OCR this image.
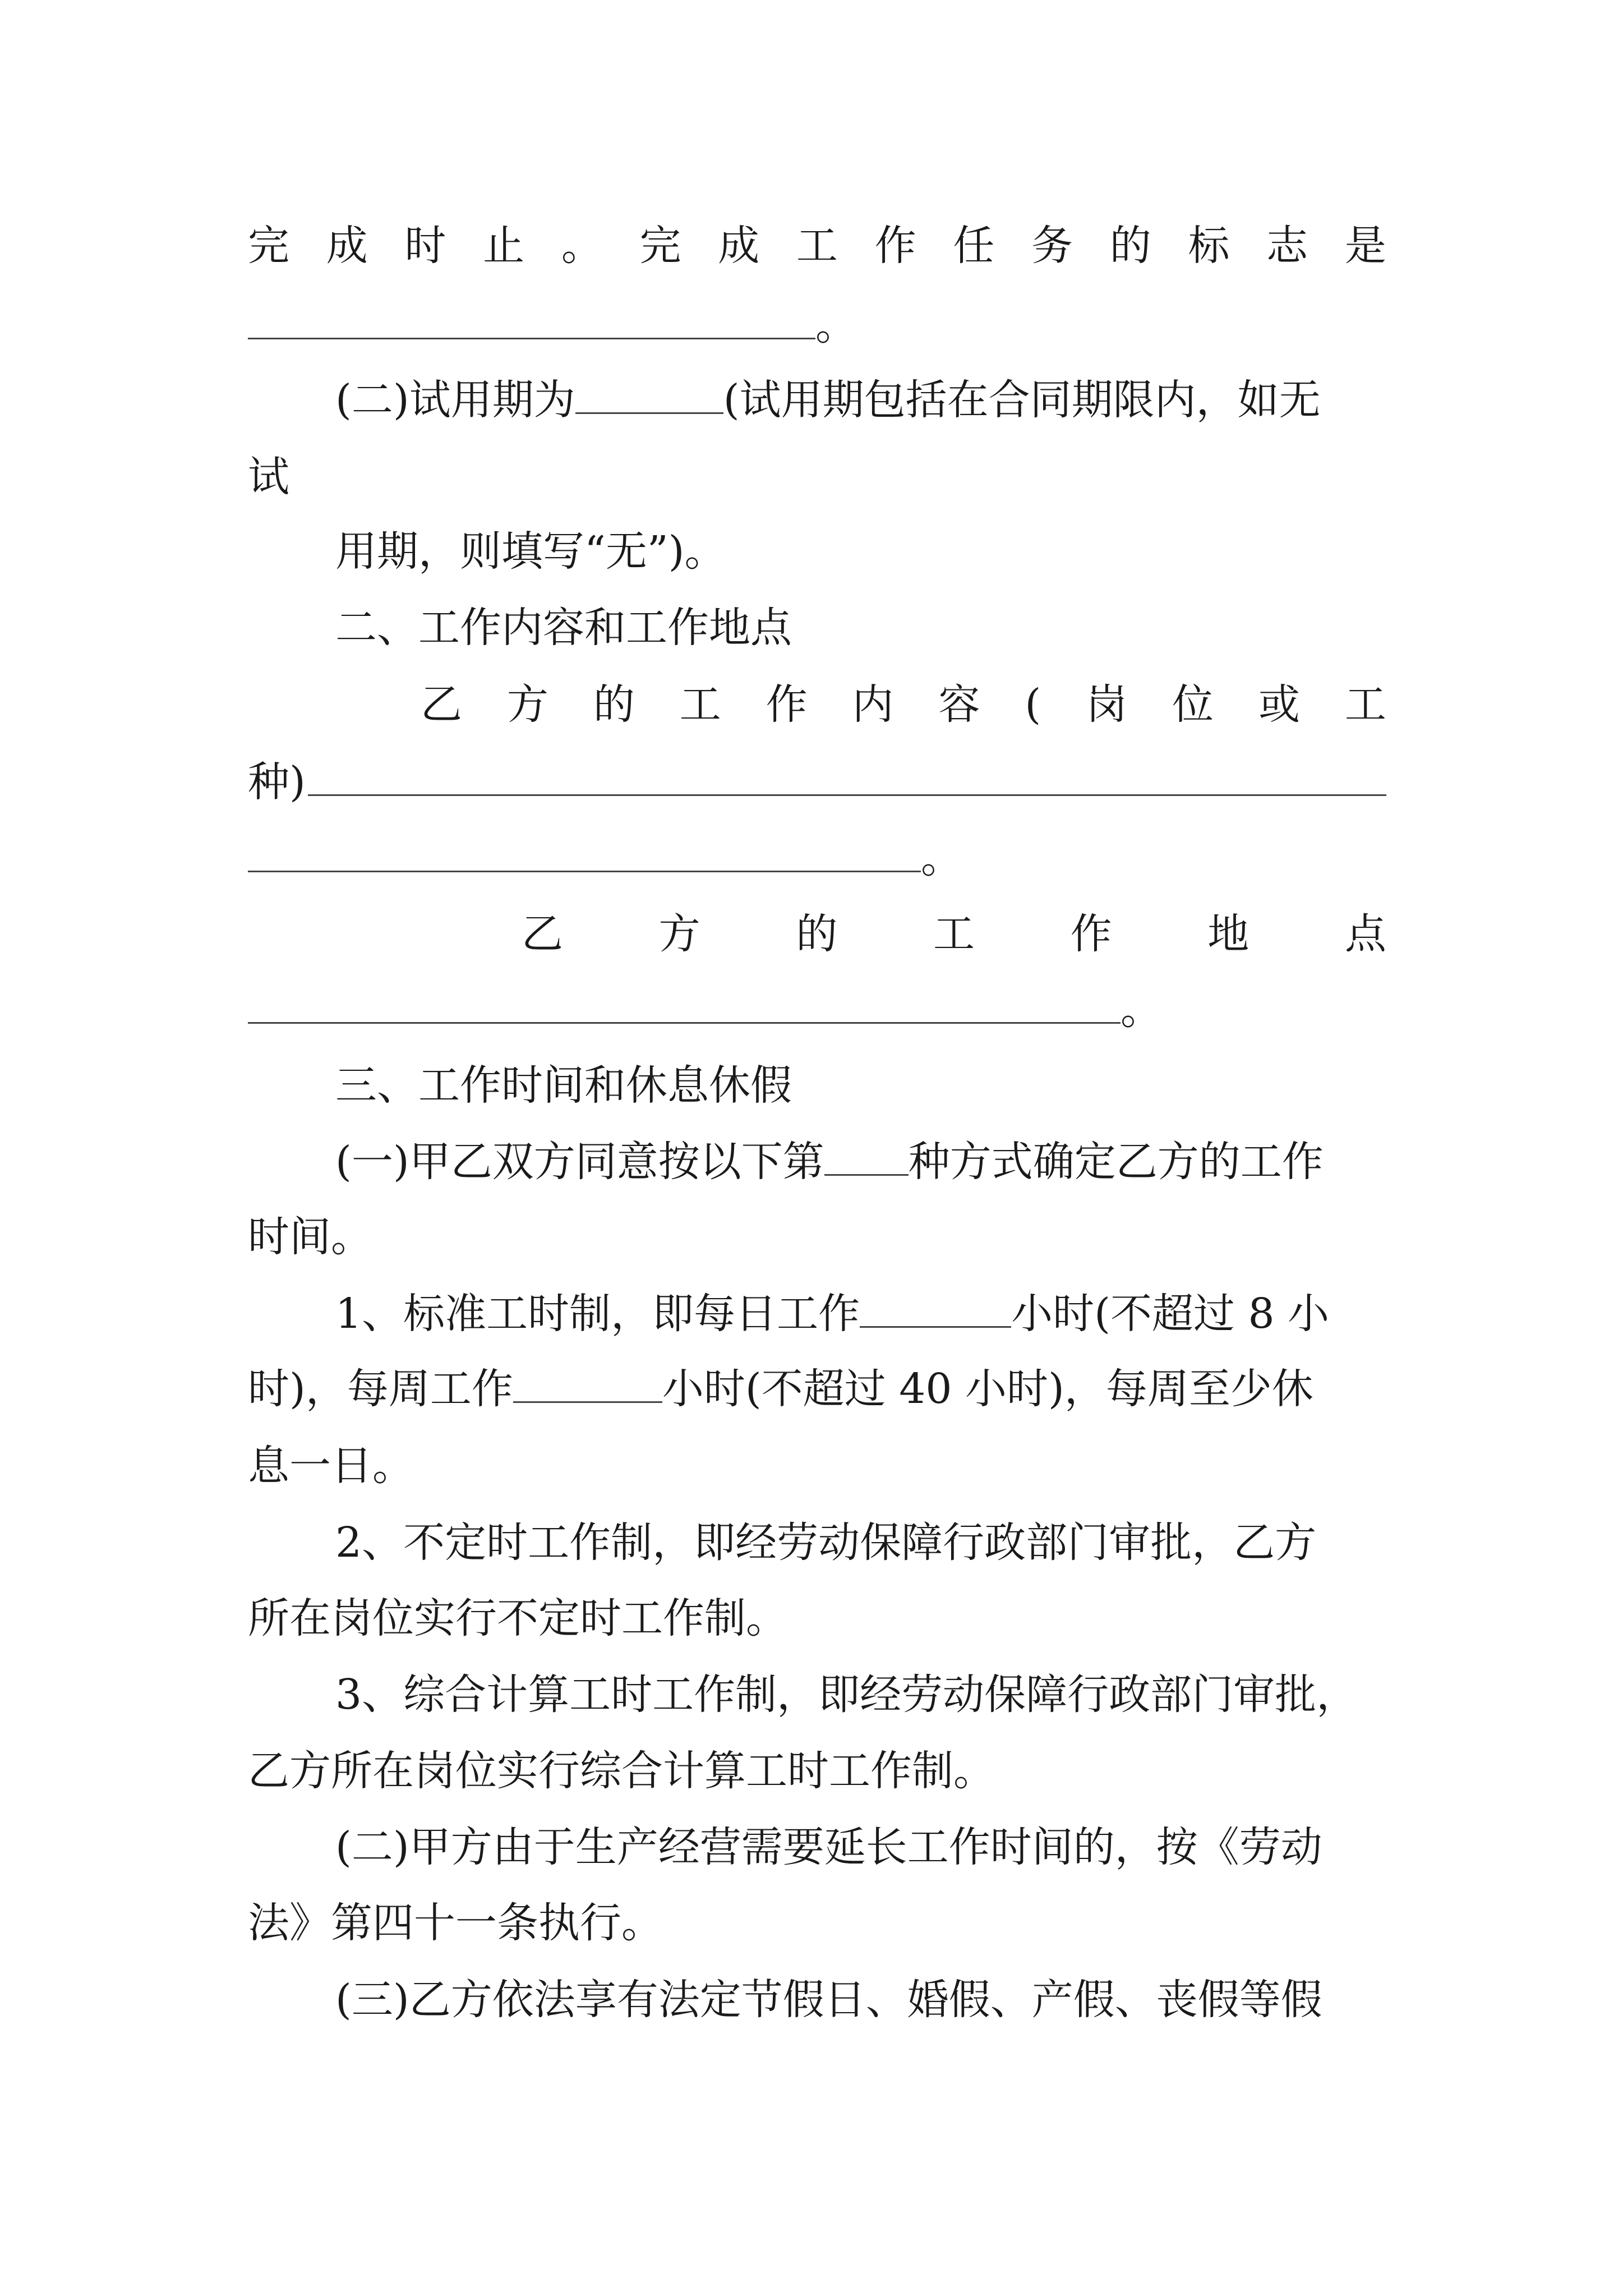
完 成 时 止 。 完 成 工 作 任 务 的 标 志 是
。
(二)试用期为	(试用期包括在合同期限内，如无
试
用期，则填写“无”)。
二、工作内容和工作地点
乙 方 的 工 作 内 容 ( 岗 位 或 工
种)
。
乙 方 的 工 作 地 点
。
三、工作时间和休息休假
(一)甲乙双方同意按以下第 种方式确定乙方的工作
时间。
1、标准工时制，即每日工作	小时(不超过 8 小
时)，每周工作	小时(不超过 40 小时)，每周至少休
息一日。
2、不定时工作制，即经劳动保障行政部门审批，乙方
所在岗位实行不定时工作制。
3、综合计算工时工作制，即经劳动保障行政部门审批，
乙方所在岗位实行综合计算工时工作制。
(二)甲方由于生产经营需要延长工作时间的，按《劳动
法》第四十一条执行。
(三)乙方依法享有法定节假日、婚假、产假、丧假等假
